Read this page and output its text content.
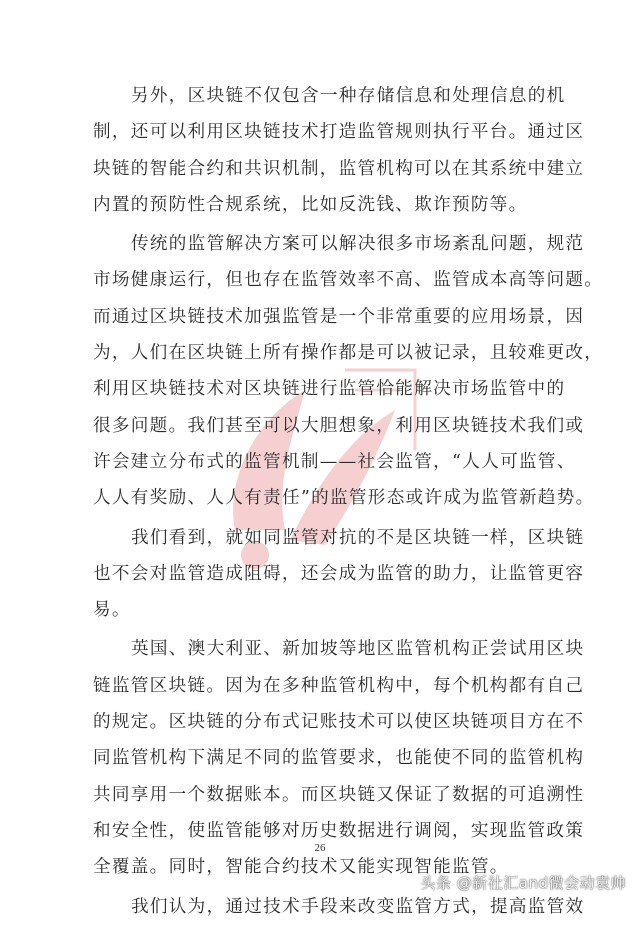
另外，区块链不仅包含一种存储信息和处理信息的机
制，还可以利用区块链技术打造监管规则执行平台。通过区
块链的智能合约和共识机制，监管机构可以在其系统中建立
内置的预防性合规系统，比如反洗钱、欺诈预防等。
传统的监管解决方案可以解决很多市场紊乱问题，规范
市场健康运行，但也存在监管效率不高、监管成本高等问题。
而通过区块链技术加强监管是一个非常重要的应用场景，因
为，人们在区块链上所有操作都是可以被记录，且较难更改，
利用区块链技术对区块链进行监管恰能解决市场监管中的
很多问题。我们甚至可以大胆想象，利用区块链技术我们或
许会建立分布式的监管机制——社会监管，“人人可监管、
人人有奖励、人人有责任”的监管形态或许成为监管新趋势。
我们看到，就如同监管对抗的不是区块链一样，区块链
也不会对监管造成阻碍，还会成为监管的助力，让监管更容
易。
英国、澳大利亚、新加坡等地区监管机构正尝试用区块
链监管区块链。因为在多种监管机构中，每个机构都有自己
的规定。区块链的分布式记账技术可以使区块链项目方在不
同监管机构下满足不同的监管要求，也能使不同的监管机构
共同享用一个数据账本。而区块链又保证了数据的可追溯性
和安全性，使监管能够对历史数据进行调阅，实现监管政策
全覆盖。同时，智能合约技术又能实现智能监管。
我们认为，通过技术手段来改变监管方式，提高监管效
26
头条 @新社汇and微会动袁帅
